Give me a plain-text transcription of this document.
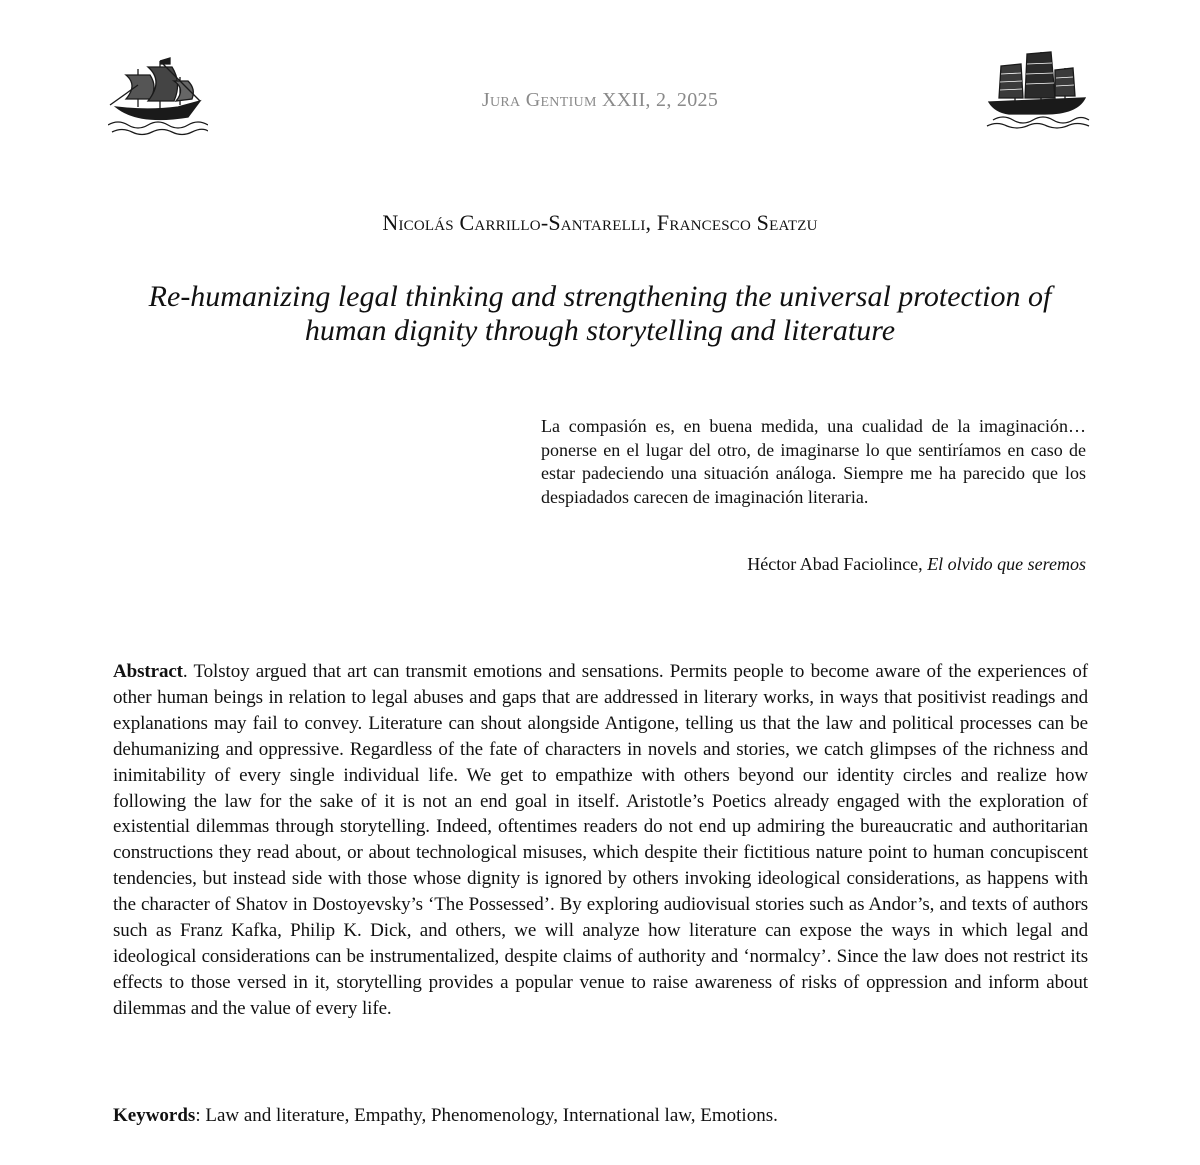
Jura Gentium XXII, 2, 2025
Nicolás Carrillo-Santarelli, Francesco Seatzu
Re-humanizing legal thinking and strengthening the universal protection of
human dignity through storytelling and literature
La compasión es, en buena medida, una cualidad de la imaginación…ponerse en el lugar del otro, de imaginarse lo que sentiríamos en caso de estar padeciendo una situación análoga. Siempre me ha parecido que los despiadados carecen de imaginación literaria.
Héctor Abad Faciolince, El olvido que seremos
Abstract. Tolstoy argued that art can transmit emotions and sensations. Permits people to become aware of the experiences of other human beings in relation to legal abuses and gaps that are addressed in literary works, in ways that positivist readings and explanations may fail to convey. Literature can shout alongside Antigone, telling us that the law and political processes can be dehumanizing and oppressive. Regardless of the fate of characters in novels and stories, we catch glimpses of the richness and inimitability of every single individual life. We get to empathize with others beyond our identity circles and realize how following the law for the sake of it is not an end goal in itself. Aristotle’s Poetics already engaged with the exploration of existential dilemmas through storytelling. Indeed, oftentimes readers do not end up admiring the bureaucratic and authoritarian constructions they read about, or about technological misuses, which despite their fictitious nature point to human concupiscent tendencies, but instead side with those whose dignity is ignored by others invoking ideological considerations, as happens with the character of Shatov in Dostoyevsky’s ‘The Possessed’. By exploring audiovisual stories such as Andor’s, and texts of authors such as Franz Kafka, Philip K. Dick, and others, we will analyze how literature can expose the ways in which legal and ideological considerations can be instrumentalized, despite claims of authority and ‘normalcy’. Since the law does not restrict its effects to those versed in it, storytelling provides a popular venue to raise awareness of risks of oppression and inform about dilemmas and the value of every life.
Keywords: Law and literature, Empathy, Phenomenology, International law, Emotions.
